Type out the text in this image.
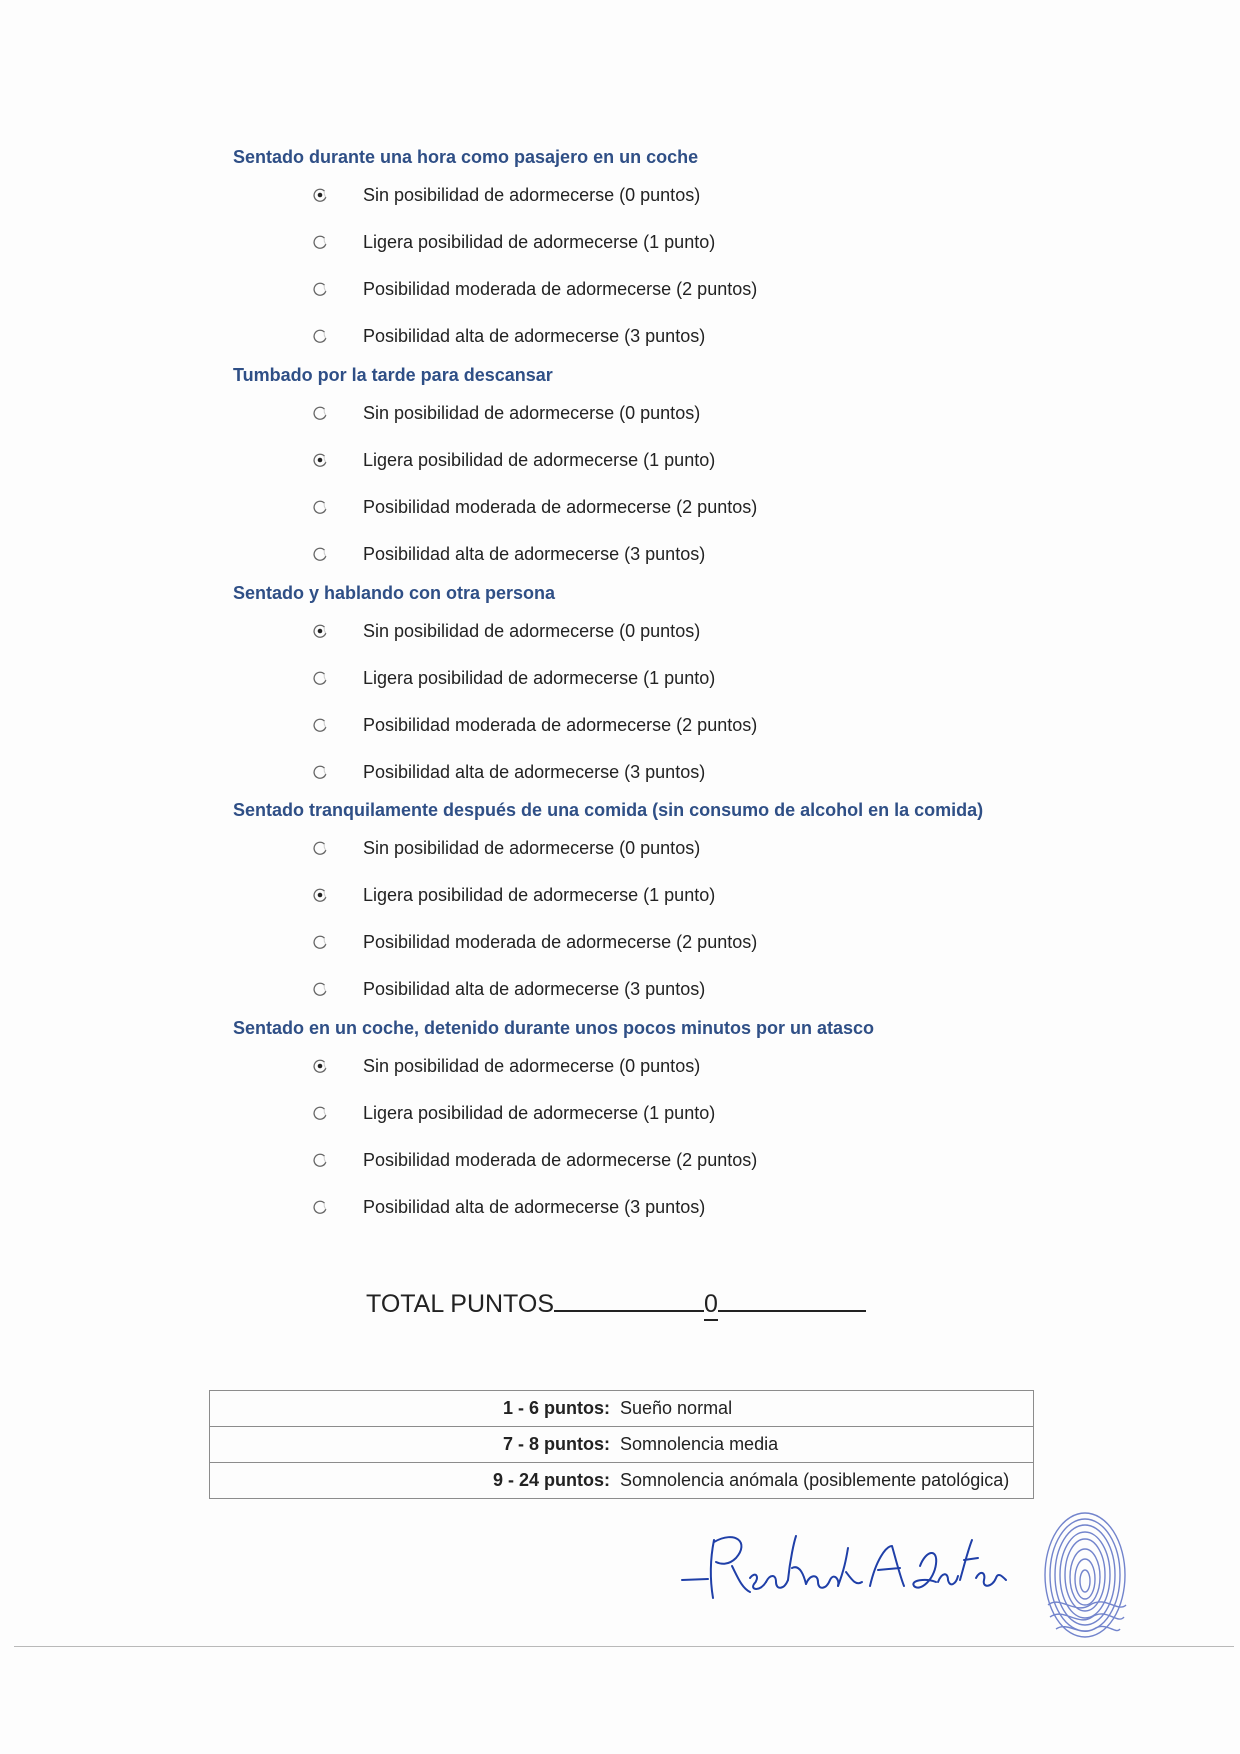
Sentado durante una hora como pasajero en un coche
Sin posibilidad de adormecerse (0 puntos)
Ligera posibilidad de adormecerse (1 punto)
Posibilidad moderada de adormecerse (2 puntos)
Posibilidad alta de adormecerse (3 puntos)
Tumbado por la tarde para descansar
Sin posibilidad de adormecerse (0 puntos)
Ligera posibilidad de adormecerse (1 punto)
Posibilidad moderada de adormecerse (2 puntos)
Posibilidad alta de adormecerse (3 puntos)
Sentado y hablando con otra persona
Sin posibilidad de adormecerse (0 puntos)
Ligera posibilidad de adormecerse (1 punto)
Posibilidad moderada de adormecerse (2 puntos)
Posibilidad alta de adormecerse (3 puntos)
Sentado tranquilamente después de una comida (sin consumo de alcohol en la comida)
Sin posibilidad de adormecerse (0 puntos)
Ligera posibilidad de adormecerse (1 punto)
Posibilidad moderada de adormecerse (2 puntos)
Posibilidad alta de adormecerse (3 puntos)
Sentado en un coche, detenido durante unos pocos minutos por un atasco
Sin posibilidad de adormecerse (0 puntos)
Ligera posibilidad de adormecerse (1 punto)
Posibilidad moderada de adormecerse (2 puntos)
Posibilidad alta de adormecerse (3 puntos)
TOTAL PUNTOS	0
1 - 6 puntos: Sueño normal
7 - 8 puntos: Somnolencia media
9 - 24 puntos: Somnolencia anómala (posiblemente patológica)
